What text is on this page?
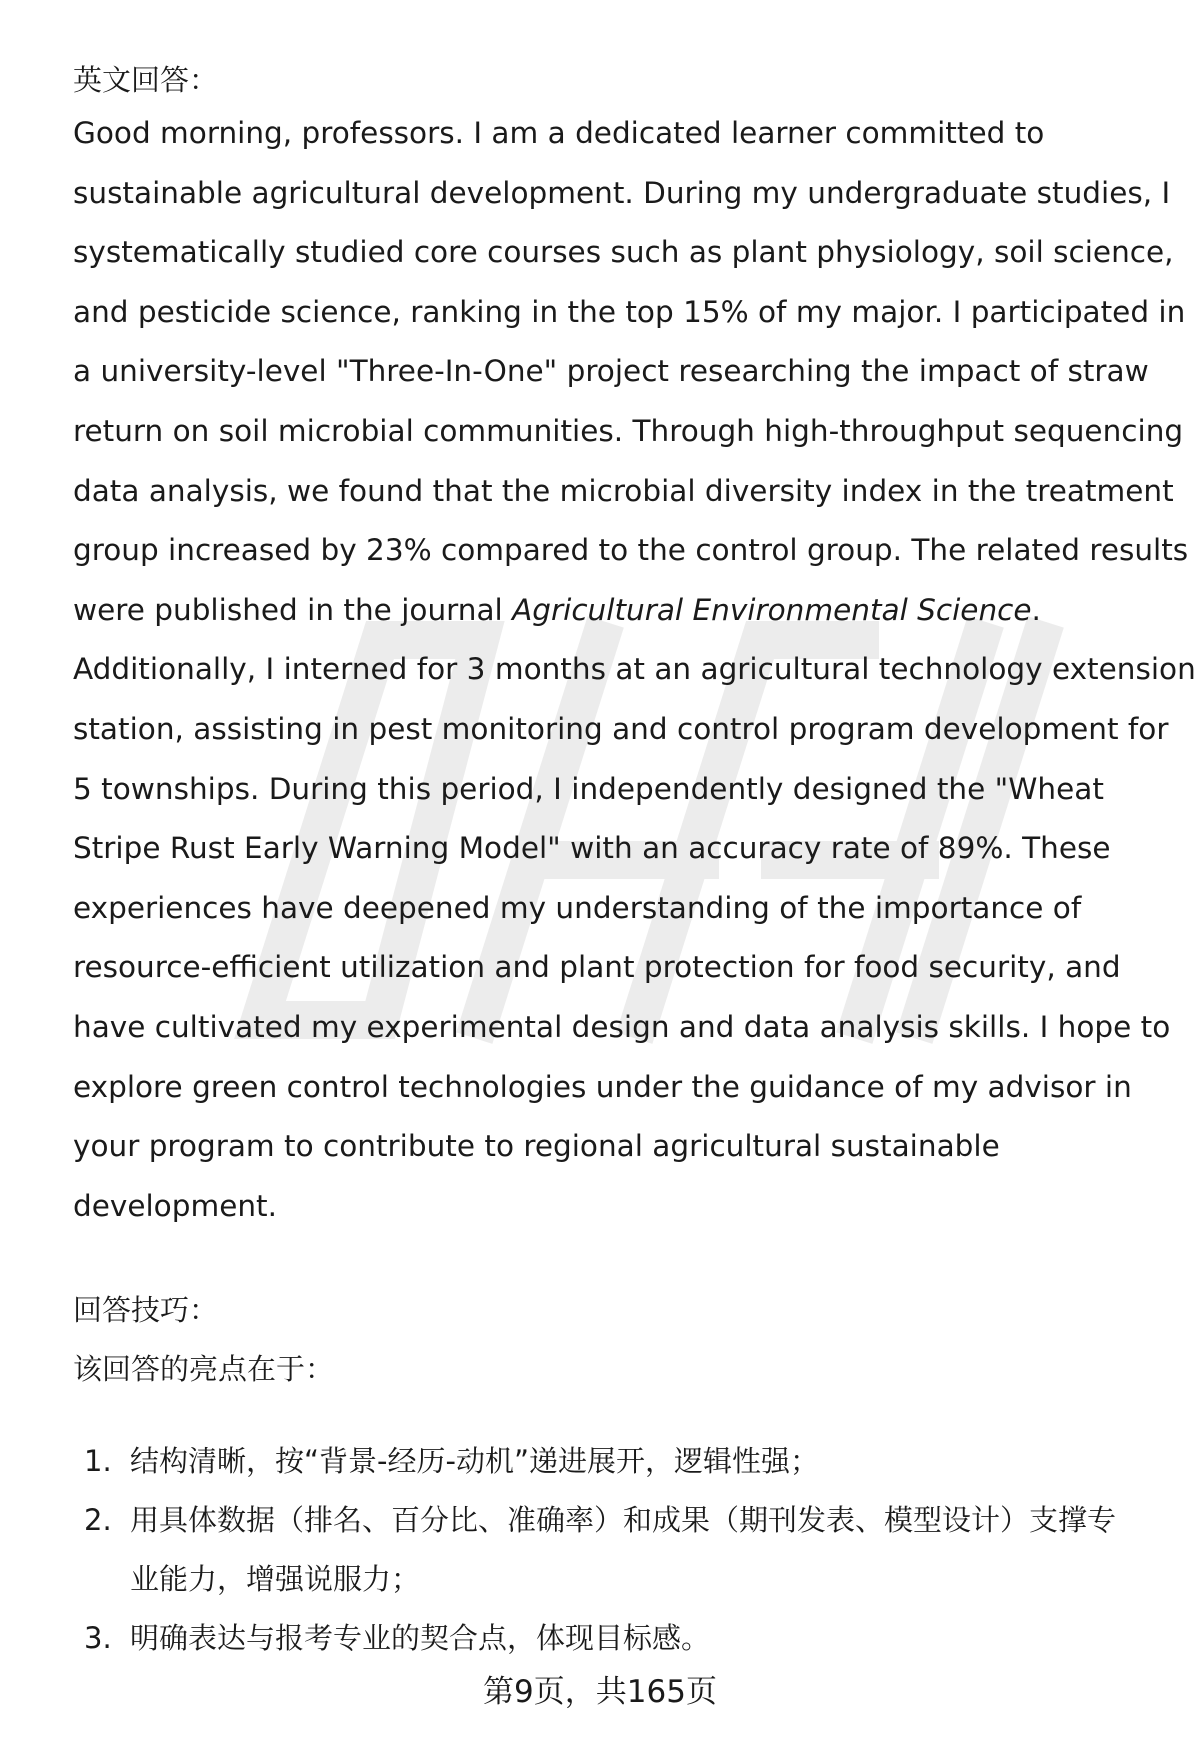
英文回答：
Good morning, professors. I am a dedicated learner committed to
sustainable agricultural development. During my undergraduate studies, I
systematically studied core courses such as plant physiology, soil science,
and pesticide science, ranking in the top 15% of my major. I participated in
a university-level "Three-In-One" project researching the impact of straw
return on soil microbial communities. Through high-throughput sequencing
data analysis, we found that the microbial diversity index in the treatment
group increased by 23% compared to the control group. The related results
were published in the journal Agricultural Environmental Science.
Additionally, I interned for 3 months at an agricultural technology extension
station, assisting in pest monitoring and control program development for
5 townships. During this period, I independently designed the "Wheat
Stripe Rust Early Warning Model" with an accuracy rate of 89%. These
experiences have deepened my understanding of the importance of
resource-efficient utilization and plant protection for food security, and
have cultivated my experimental design and data analysis skills. I hope to
explore green control technologies under the guidance of my advisor in
your program to contribute to regional agricultural sustainable
development.
回答技巧：
该回答的亮点在于：
1. 结构清晰，按“背景-经历-动机”递进展开，逻辑性强；
2. 用具体数据（排名、百分比、准确率）和成果（期刊发表、模型设计）支撑专
业能力，增强说服力；
3. 明确表达与报考专业的契合点，体现目标感。
第9页，共165页
